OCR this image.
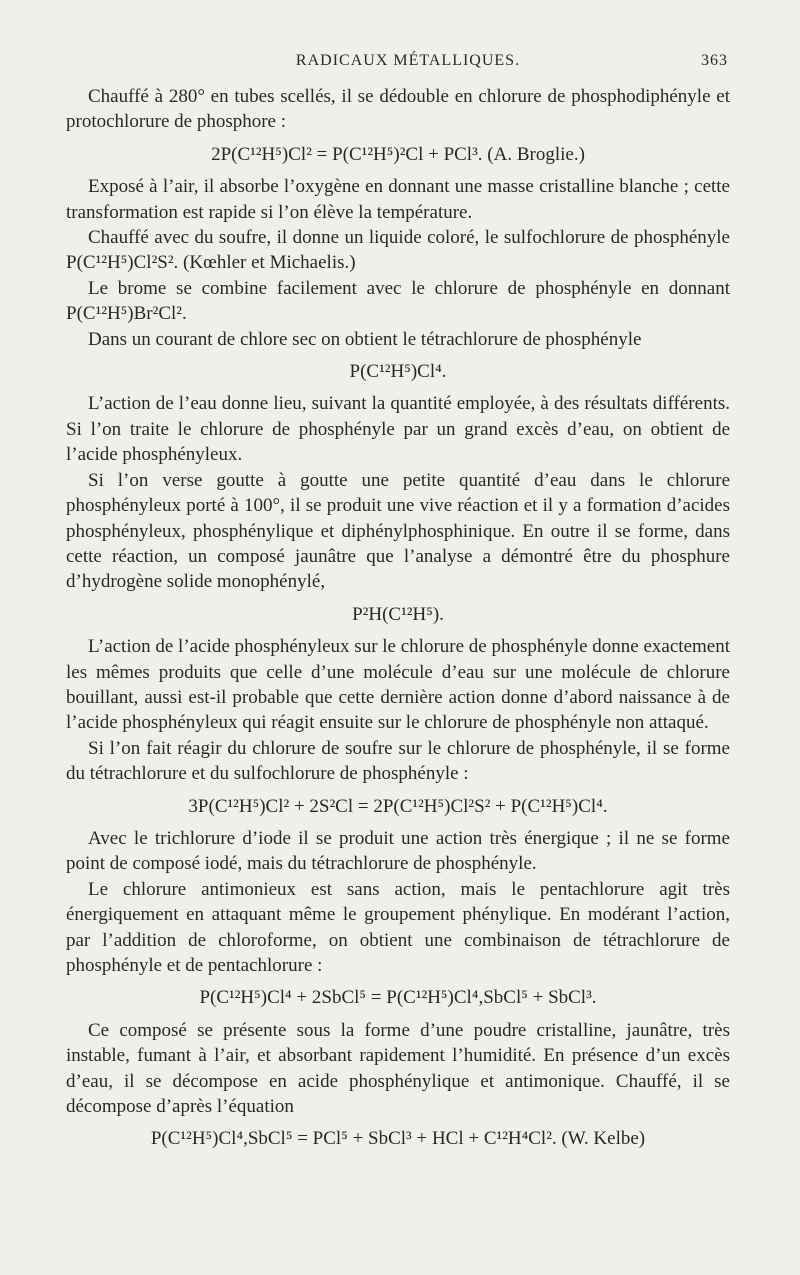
RADICAUX MÉTALLIQUES.	363

Chauffé à 280° en tubes scellés, il se dédouble en chlorure de phosphodiphényle et protochlorure de phosphore :

2P(C¹²H⁵)Cl² = P(C¹²H⁵)²Cl + PCl³. (A. Broglie.)

Exposé à l’air, il absorbe l’oxygène en donnant une masse cristalline blanche ; cette transformation est rapide si l’on élève la température.

Chauffé avec du soufre, il donne un liquide coloré, le sulfochlorure de phosphényle P(C¹²H⁵)Cl²S². (Kœhler et Michaelis.)

Le brome se combine facilement avec le chlorure de phosphényle en donnant P(C¹²H⁵)Br²Cl².

Dans un courant de chlore sec on obtient le tétrachlorure de phosphényle

P(C¹²H⁵)Cl⁴.

L’action de l’eau donne lieu, suivant la quantité employée, à des résultats différents. Si l’on traite le chlorure de phosphényle par un grand excès d’eau, on obtient de l’acide phosphényleux.

Si l’on verse goutte à goutte une petite quantité d’eau dans le chlorure phosphényleux porté à 100°, il se produit une vive réaction et il y a formation d’acides phosphényleux, phosphénylique et diphénylphosphinique. En outre il se forme, dans cette réaction, un composé jaunâtre que l’analyse a démontré être du phosphure d’hydrogène solide monophénylé,

P²H(C¹²H⁵).

L’action de l’acide phosphényleux sur le chlorure de phosphényle donne exactement les mêmes produits que celle d’une molécule d’eau sur une molécule de chlorure bouillant, aussi est-il probable que cette dernière action donne d’abord naissance à de l’acide phosphényleux qui réagit ensuite sur le chlorure de phosphényle non attaqué.

Si l’on fait réagir du chlorure de soufre sur le chlorure de phosphényle, il se forme du tétrachlorure et du sulfochlorure de phosphényle :

3P(C¹²H⁵)Cl² + 2S²Cl = 2P(C¹²H⁵)Cl²S² + P(C¹²H⁵)Cl⁴.

Avec le trichlorure d’iode il se produit une action très énergique ; il ne se forme point de composé iodé, mais du tétrachlorure de phosphényle.

Le chlorure antimonieux est sans action, mais le pentachlorure agit très énergiquement en attaquant même le groupement phénylique. En modérant l’action, par l’addition de chloroforme, on obtient une combinaison de tétrachlorure de phosphényle et de pentachlorure :

P(C¹²H⁵)Cl⁴ + 2SbCl⁵ = P(C¹²H⁵)Cl⁴,SbCl⁵ + SbCl³.

Ce composé se présente sous la forme d’une poudre cristalline, jaunâtre, très instable, fumant à l’air, et absorbant rapidement l’humidité. En présence d’un excès d’eau, il se décompose en acide phosphénylique et antimonique. Chauffé, il se décompose d’après l’équation

P(C¹²H⁵)Cl⁴,SbCl⁵ = PCl⁵ + SbCl³ + HCl + C¹²H⁴Cl². (W. Kelbe)
